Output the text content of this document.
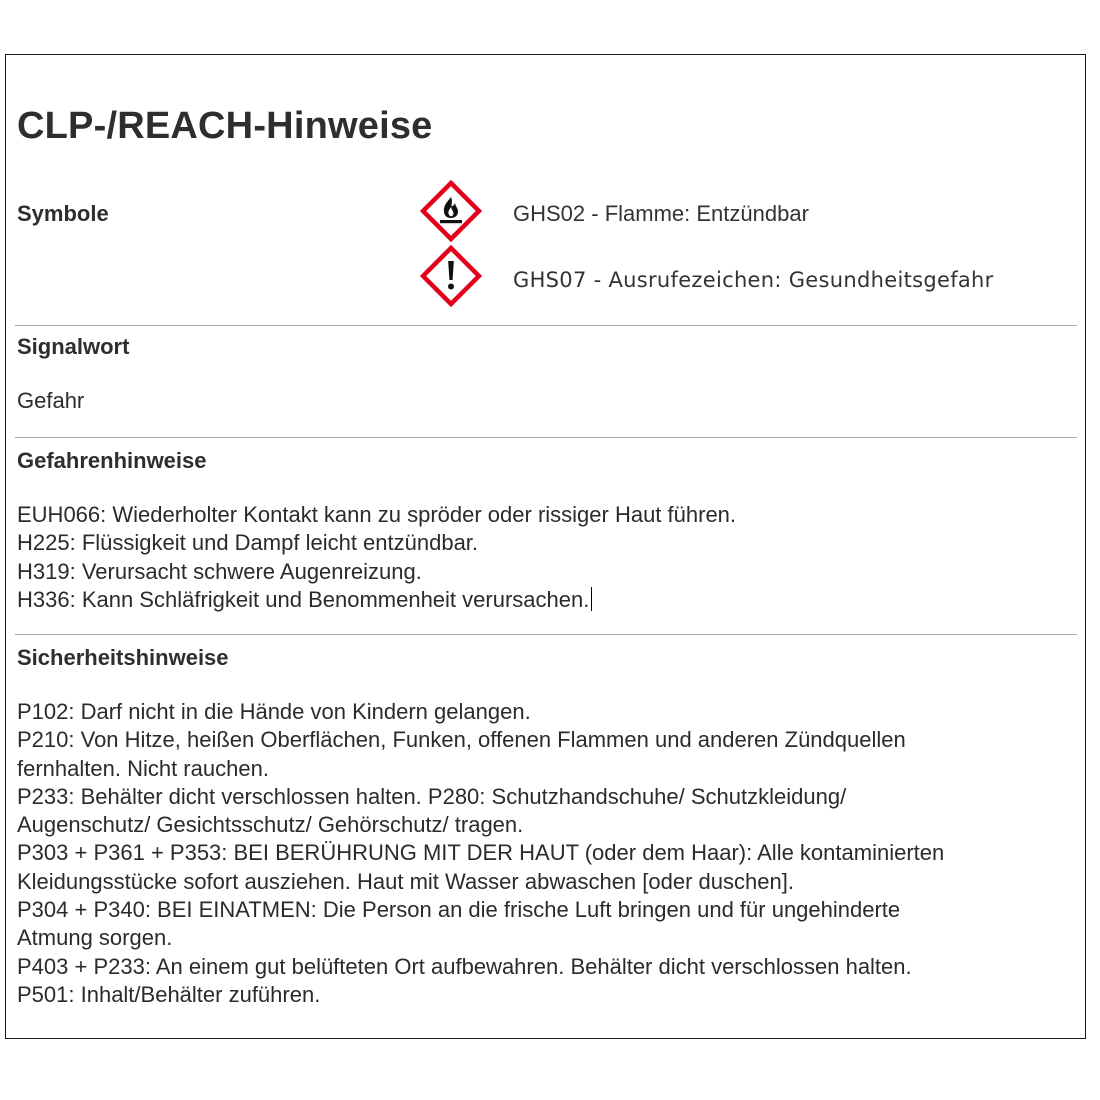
CLP-/REACH-Hinweise
Symbole	GHS02 - Flamme: Entzündbar
GHS07 - Ausrufezeichen: Gesundheitsgefahr
Signalwort
Gefahr
Gefahrenhinweise
EUH066: Wiederholter Kontakt kann zu spröder oder rissiger Haut führen.
H225: Flüssigkeit und Dampf leicht entzündbar.
H319: Verursacht schwere Augenreizung.
H336: Kann Schläfrigkeit und Benommenheit verursachen.
Sicherheitshinweise
P102: Darf nicht in die Hände von Kindern gelangen.
P210: Von Hitze, heißen Oberflächen, Funken, offenen Flammen und anderen Zündquellen
fernhalten. Nicht rauchen.
P233: Behälter dicht verschlossen halten. P280: Schutzhandschuhe/ Schutzkleidung/
Augenschutz/ Gesichtsschutz/ Gehörschutz/ tragen.
P303 + P361 + P353: BEI BERÜHRUNG MIT DER HAUT (oder dem Haar): Alle kontaminierten
Kleidungsstücke sofort ausziehen. Haut mit Wasser abwaschen [oder duschen].
P304 + P340: BEI EINATMEN: Die Person an die frische Luft bringen und für ungehinderte
Atmung sorgen.
P403 + P233: An einem gut belüfteten Ort aufbewahren. Behälter dicht verschlossen halten.
P501: Inhalt/Behälter zuführen.
